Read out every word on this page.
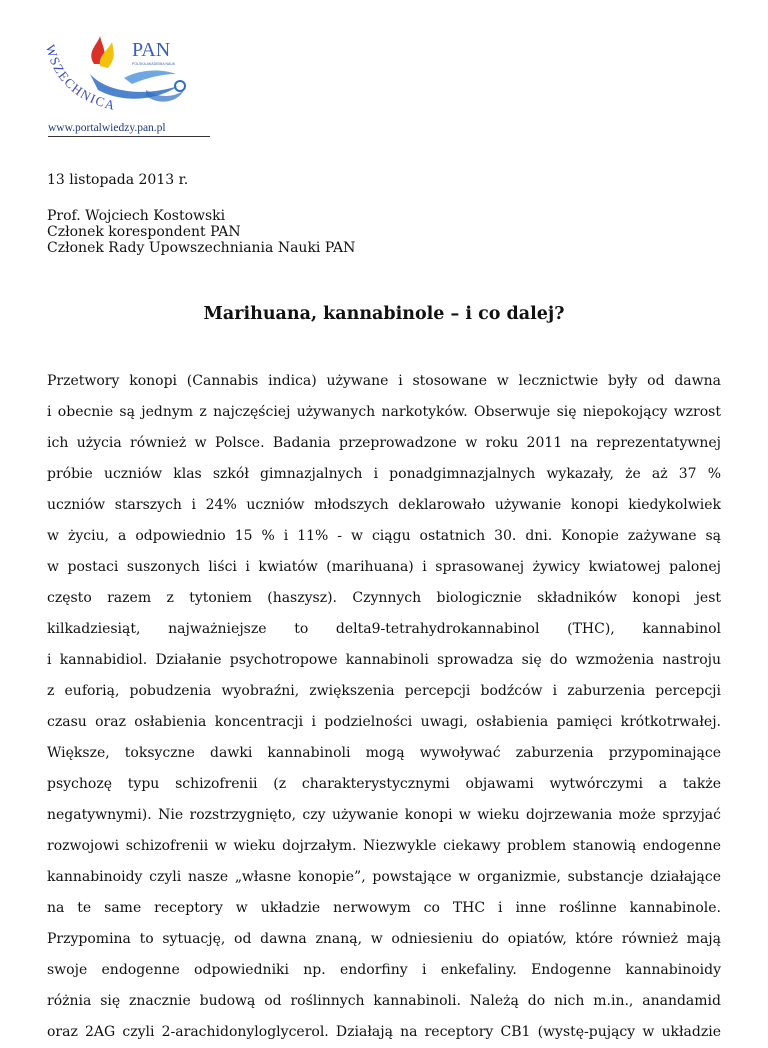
WSZECHNICA
PAN
POLSKA AKADEMIA NAUK
www.portalwiedzy.pan.pl
13 listopada 2013 r.
Prof. Wojciech Kostowski
Członek korespondent PAN
Członek Rady Upowszechniania Nauki PAN
Marihuana, kannabinole – i co dalej?
Przetwory konopi (Cannabis indica) używane i stosowane w lecznictwie były od dawna
i obecnie są jednym z najczęściej używanych narkotyków. Obserwuje się niepokojący wzrost
ich użycia również w Polsce. Badania przeprowadzone w roku 2011 na reprezentatywnej
próbie uczniów klas szkół gimnazjalnych i ponadgimnazjalnych wykazały, że aż 37 %
uczniów starszych i 24% uczniów młodszych deklarowało używanie konopi kiedykolwiek
w życiu, a odpowiednio 15 % i 11% - w ciągu ostatnich 30. dni. Konopie zażywane są
w postaci suszonych liści i kwiatów (marihuana) i sprasowanej żywicy kwiatowej palonej
często razem z tytoniem (haszysz). Czynnych biologicznie składników konopi jest
kilkadziesiąt, najważniejsze to delta9-tetrahydrokannabinol (THC), kannabinol
i kannabidiol. Działanie psychotropowe kannabinoli sprowadza się do wzmożenia nastroju
z euforią, pobudzenia wyobraźni, zwiększenia percepcji bodźców i zaburzenia percepcji
czasu oraz osłabienia koncentracji i podzielności uwagi, osłabienia pamięci krótkotrwałej.
Większe, toksyczne dawki kannabinoli mogą wywoływać zaburzenia przypominające
psychozę typu schizofrenii (z charakterystycznymi objawami wytwórczymi a także
negatywnymi). Nie rozstrzygnięto, czy używanie konopi w wieku dojrzewania może sprzyjać
rozwojowi schizofrenii w wieku dojrzałym. Niezwykle ciekawy problem stanowią endogenne
kannabinoidy czyli nasze „własne konopie”, powstające w organizmie, substancje działające
na te same receptory w układzie nerwowym co THC i inne roślinne kannabinole.
Przypomina to sytuację, od dawna znaną, w odniesieniu do opiatów, które również mają
swoje endogenne odpowiedniki np. endorfiny i enkefaliny. Endogenne kannabinoidy
różnia się znacznie budową od roślinnych kannabinoli. Należą do nich m.in., anandamid
oraz 2AG czyli 2-arachidonyloglycerol. Działają na receptory CB1 (wystę-pujący w układzie
